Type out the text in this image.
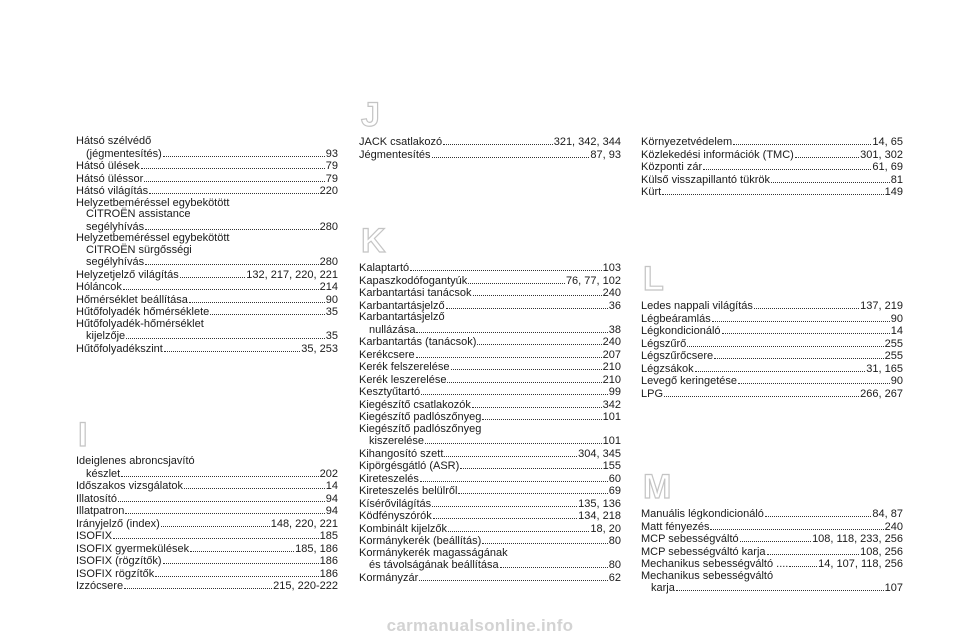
Hátsó szélvédő
(jégmentesítés)	93
Hátsó ülések	79
Hátsó üléssor	79
Hátsó világítás	220
Helyzetbeméréssel egybekötött
CITROËN assistance
segélyhívás	280
Helyzetbeméréssel egybekötött
CITROËN sürgősségi
segélyhívás	280
Helyzetjelző világítás	132, 217, 220, 221
Hóláncok	214
Hőmérséklet beállítása	90
Hűtőfolyadék hőmérséklete	35
Hűtőfolyadék-hőmérséklet
kijelzője	35
Hűtőfolyadékszint	35, 253
I
Ideiglenes abroncsjavító
készlet	202
Időszakos vizsgálatok	14
Illatosító	94
Illatpatron	94
Irányjelző (index)	148, 220, 221
ISOFIX	185
ISOFIX gyermekülések	185, 186
ISOFIX (rögzítők)	186
ISOFIX rögzítők	186
Izzócsere	215, 220-222
J
JACK csatlakozó	321, 342, 344
Jégmentesítés	87, 93
K
Kalaptartó	103
Kapaszkodófogantyúk	76, 77, 102
Karbantartási tanácsok	240
Karbantartásjelző	36
Karbantartásjelző
nullázása	38
Karbantartás (tanácsok)	240
Kerékcsere	207
Kerék felszerelése	210
Kerék leszerelése	210
Kesztyűtartó	99
Kiegészítő csatlakozók	342
Kiegészítő padlószőnyeg	101
Kiegészítő padlószőnyeg
kiszerelése	101
Kihangosító szett	304, 345
Kipörgésgátló (ASR)	155
Kireteszelés	60
Kireteszelés belülről	69
Kísérővilágítás	135, 136
Ködfényszórók	134, 218
Kombinált kijelzők	18, 20
Kormánykerék (beállítás)	80
Kormánykerék magasságának
és távolságának beállítása	80
Kormányzár	62
Környezetvédelem	14, 65
Közlekedési információk (TMC)	301, 302
Központi zár	61, 69
Külső visszapillantó tükrök	81
Kürt	149
L
Ledes nappali világítás	137, 219
Légbeáramlás	90
Légkondicionáló	14
Légszűrő	255
Légszűrőcsere	255
Légzsákok	31, 165
Levegő keringetése	90
LPG	266, 267
M
Manuális légkondicionáló	84, 87
Matt fényezés	240
MCP sebességváltó	108, 118, 233, 256
MCP sebességváltó karja	108, 256
Mechanikus sebességváltó ....	14, 107, 118, 256
Mechanikus sebességváltó
karja	107
carmanualsonline.info
